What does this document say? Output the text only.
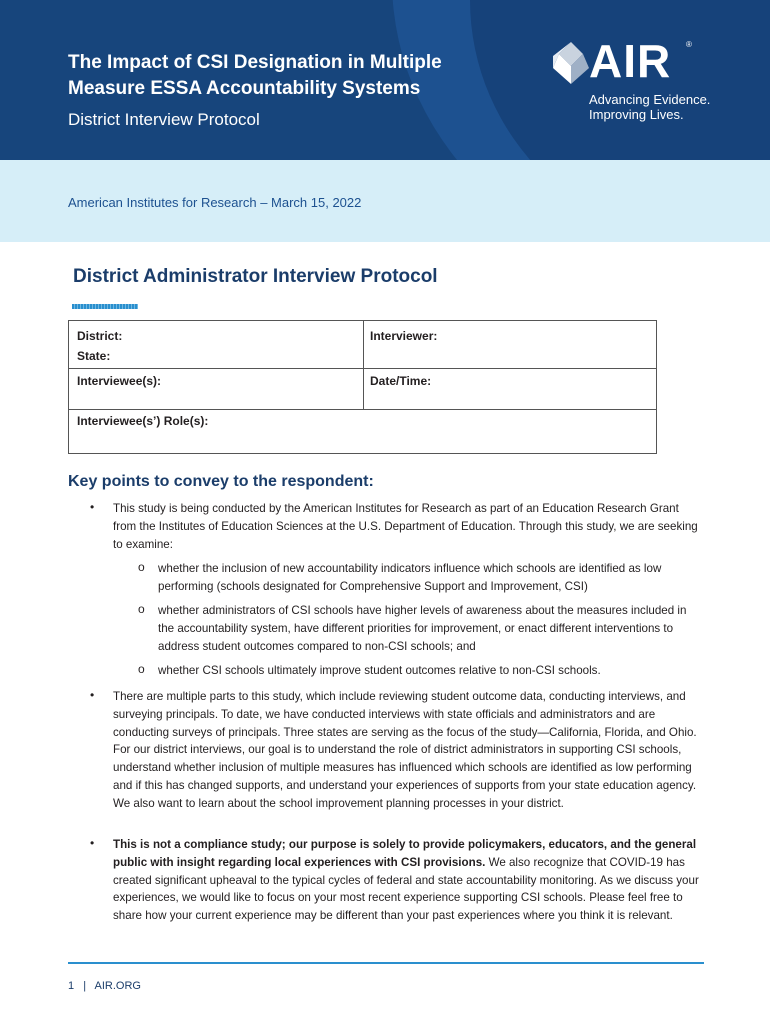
The Impact of CSI Designation in Multiple Measure ESSA Accountability Systems
District Interview Protocol
AIR ®
Advancing Evidence.
Improving Lives.
American Institutes for Research – March 15, 2022
District Administrator Interview Protocol
District:
State:
Interviewer:
Interviewee(s):	Date/Time:
Interviewee(s’) Role(s):
Key points to convey to the respondent:
• This study is being conducted by the American Institutes for Research as part of an Education Research Grant from the Institutes of Education Sciences at the U.S. Department of Education. Through this study, we are seeking to examine:
o whether the inclusion of new accountability indicators influence which schools are identified as low performing (schools designated for Comprehensive Support and Improvement, CSI)
o whether administrators of CSI schools have higher levels of awareness about the measures included in the accountability system, have different priorities for improvement, or enact different interventions to address student outcomes compared to non-CSI schools; and
o whether CSI schools ultimately improve student outcomes relative to non-CSI schools.
• There are multiple parts to this study, which include reviewing student outcome data, conducting interviews, and surveying principals. To date, we have conducted interviews with state officials and administrators and are conducting surveys of principals. Three states are serving as the focus of the study—California, Florida, and Ohio. For our district interviews, our goal is to understand the role of district administrators in supporting CSI schools, understand whether inclusion of multiple measures has influenced which schools are identified as low performing and if this has changed supports, and understand your experiences of supports from your state education agency. We also want to learn about the school improvement planning processes in your district.
• This is not a compliance study; our purpose is solely to provide policymakers, educators, and the general public with insight regarding local experiences with CSI provisions. We also recognize that COVID-19 has created significant upheaval to the typical cycles of federal and state accountability monitoring. As we discuss your experiences, we would like to focus on your most recent experience supporting CSI schools. Please feel free to share how your current experience may be different than your past experiences where you think it is relevant.
1 | AIR.ORG
